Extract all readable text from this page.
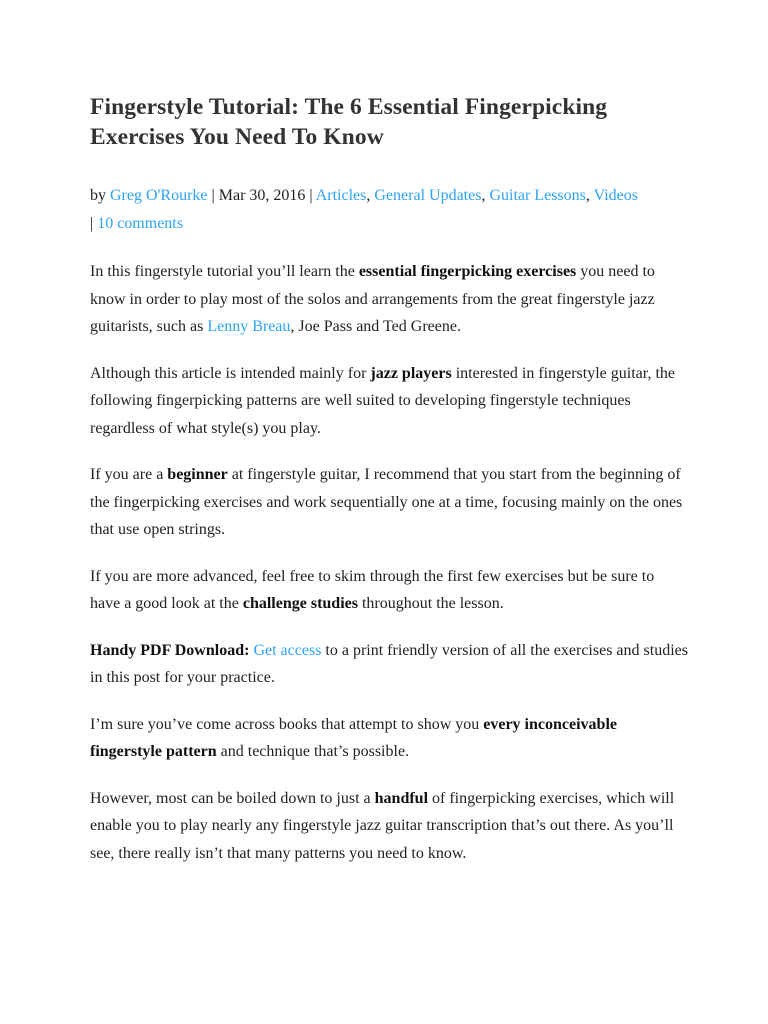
Fingerstyle Tutorial: The 6 Essential Fingerpicking Exercises You Need To Know
by Greg O'Rourke | Mar 30, 2016 | Articles, General Updates, Guitar Lessons, Videos
| 10 comments

In this fingerstyle tutorial you’ll learn the essential fingerpicking exercises you need to know in order to play most of the solos and arrangements from the great fingerstyle jazz guitarists, such as Lenny Breau, Joe Pass and Ted Greene.

Although this article is intended mainly for jazz players interested in fingerstyle guitar, the following fingerpicking patterns are well suited to developing fingerstyle techniques regardless of what style(s) you play.

If you are a beginner at fingerstyle guitar, I recommend that you start from the beginning of the fingerpicking exercises and work sequentially one at a time, focusing mainly on the ones that use open strings.

If you are more advanced, feel free to skim through the first few exercises but be sure to have a good look at the challenge studies throughout the lesson.

Handy PDF Download: Get access to a print friendly version of all the exercises and studies in this post for your practice.

I’m sure you’ve come across books that attempt to show you every inconceivable fingerstyle pattern and technique that’s possible.

However, most can be boiled down to just a handful of fingerpicking exercises, which will enable you to play nearly any fingerstyle jazz guitar transcription that’s out there. As you’ll see, there really isn’t that many patterns you need to know.
